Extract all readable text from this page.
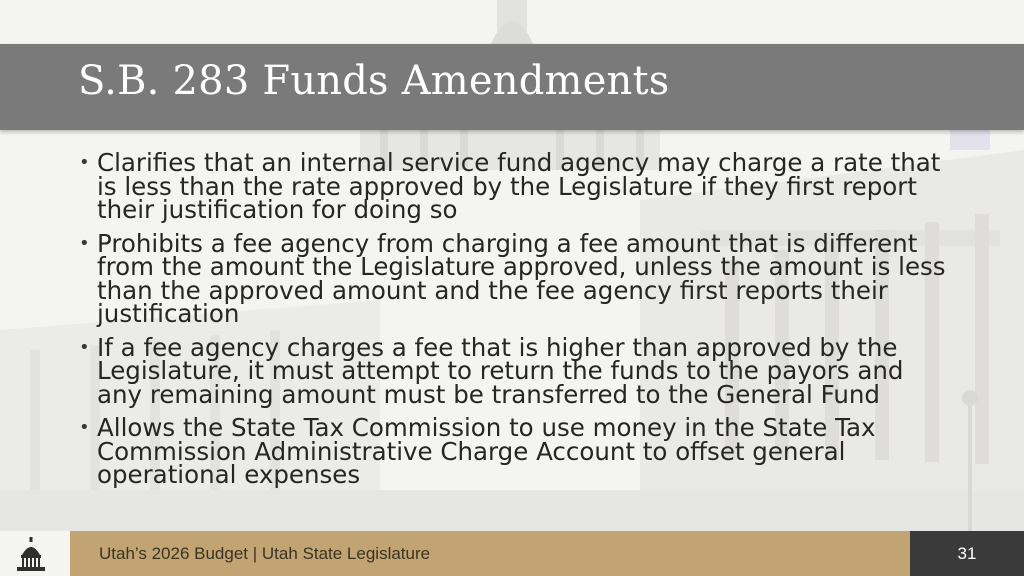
S.B. 283 Funds Amendments
• Clarifies that an internal service fund agency may charge a rate that is less than the rate approved by the Legislature if they first report their justification for doing so
• Prohibits a fee agency from charging a fee amount that is different from the amount the Legislature approved, unless the amount is less than the approved amount and the fee agency first reports their justification
• If a fee agency charges a fee that is higher than approved by the Legislature, it must attempt to return the funds to the payors and any remaining amount must be transferred to the General Fund
• Allows the State Tax Commission to use money in the State Tax Commission Administrative Charge Account to offset general operational expenses
Utah’s 2026 Budget | Utah State Legislature	31
